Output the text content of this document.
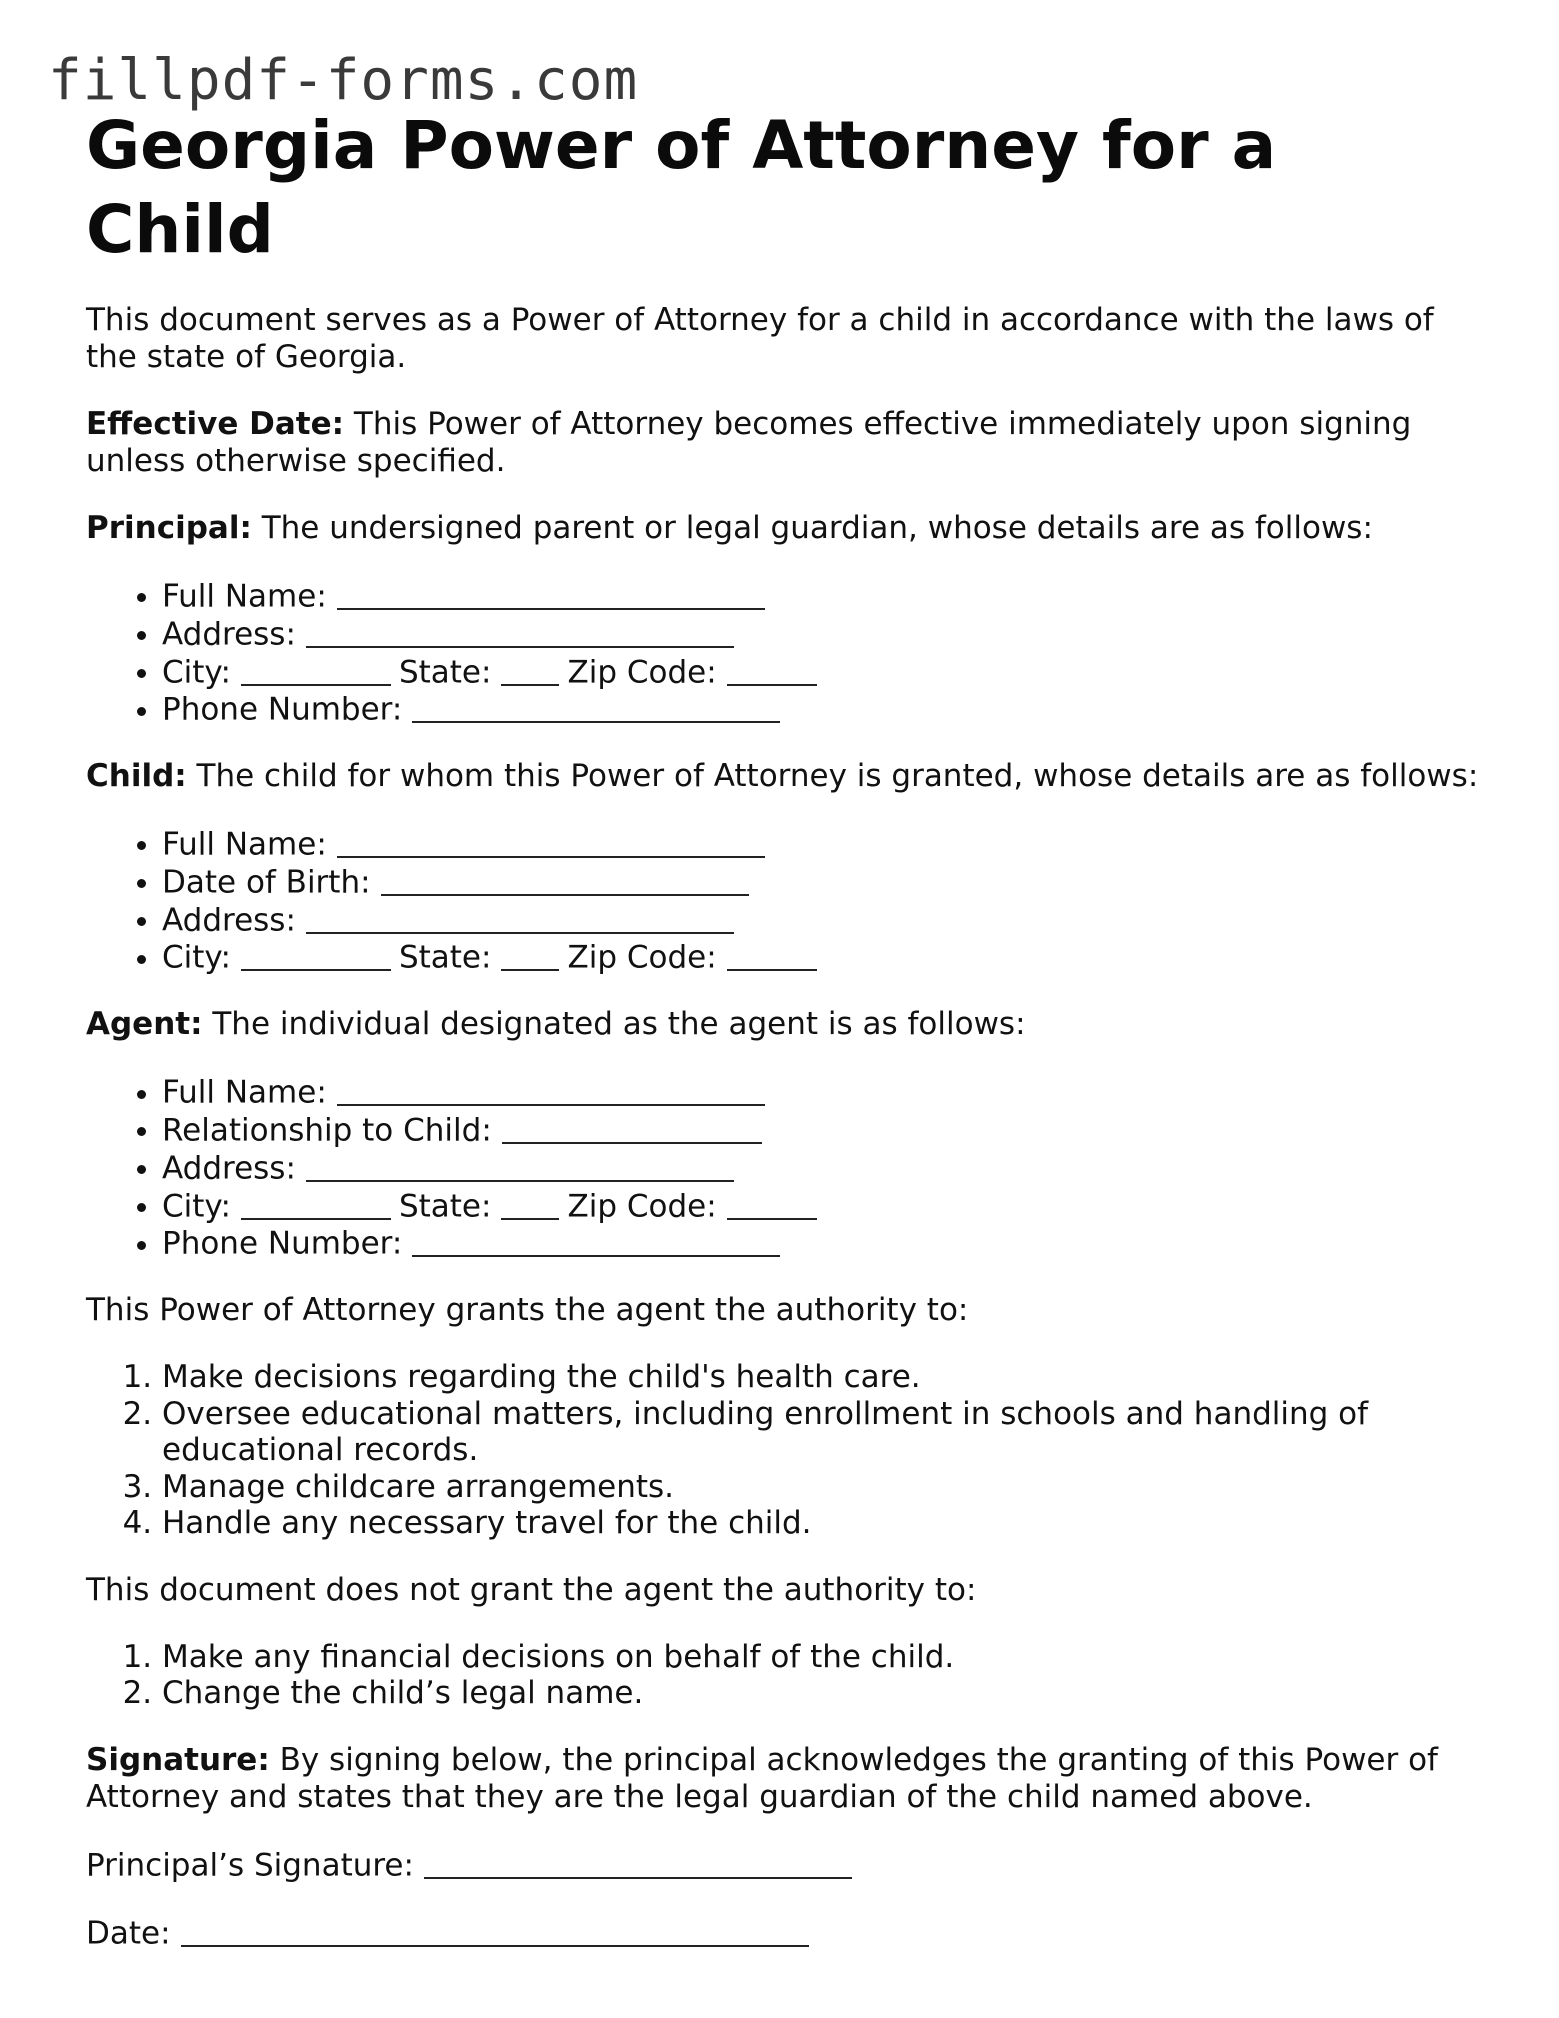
fillpdf-forms.com
Georgia Power of Attorney for a Child

This document serves as a Power of Attorney for a child in accordance with the laws of the state of Georgia.

Effective Date: This Power of Attorney becomes effective immediately upon signing unless otherwise specified.

Principal: The undersigned parent or legal guardian, whose details are as follows:

• Full Name:
• Address:
• City:	State: Zip Code:
• Phone Number:

Child: The child for whom this Power of Attorney is granted, whose details are as follows:

• Full Name:
• Date of Birth:
• Address:
• City:	State: Zip Code:

Agent: The individual designated as the agent is as follows:

• Full Name:
• Relationship to Child:
• Address:
• City:	State: Zip Code:
• Phone Number:

This Power of Attorney grants the agent the authority to:

1. Make decisions regarding the child's health care.
2. Oversee educational matters, including enrollment in schools and handling of educational records.
3. Manage childcare arrangements.
4. Handle any necessary travel for the child.

This document does not grant the agent the authority to:

1. Make any financial decisions on behalf of the child.
2. Change the child’s legal name.

Signature: By signing below, the principal acknowledges the granting of this Power of Attorney and states that they are the legal guardian of the child named above.

Principal’s Signature:
Date:
